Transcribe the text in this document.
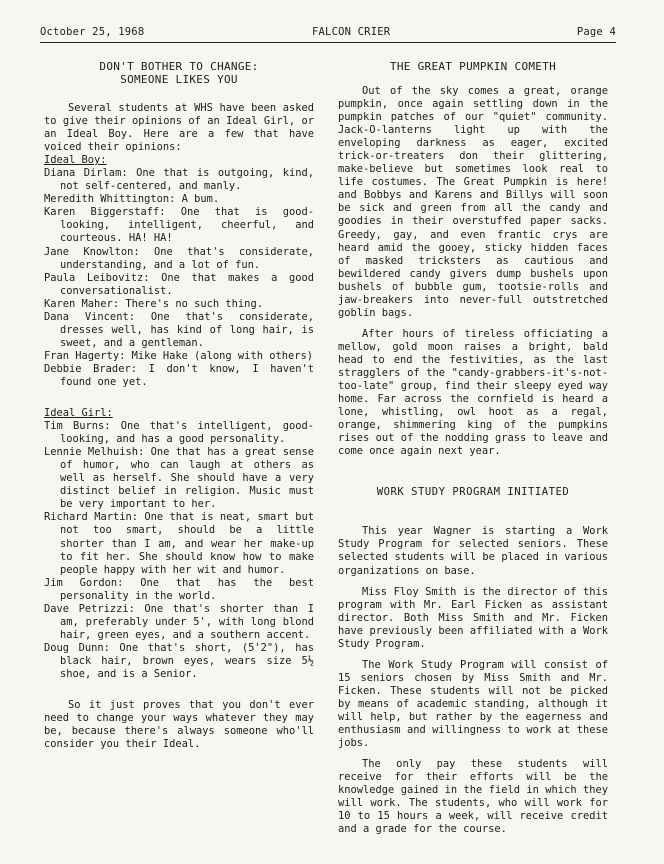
October 25, 1968	FALCON CRIER	Page 4
DON'T BOTHER TO CHANGE:
SOMEONE LIKES YOU

Several students at WHS have been asked to give their opinions of an Ideal Girl, or an Ideal Boy. Here are a few that have voiced their opinions:

Ideal Boy:

Diana Dirlam: One that is outgoing, kind, not self-centered, and manly.

Meredith Whittington: A bum.

Karen Biggerstaff: One that is good-looking, intelligent, cheerful, and courteous. HA! HA!

Jane Knowlton: One that's considerate, understanding, and a lot of fun.

Paula Leibovitz: One that makes a good conversationalist.

Karen Maher: There's no such thing.

Dana Vincent: One that's considerate, dresses well, has kind of long hair, is sweet, and a gentleman.

Fran Hagerty: Mike Hake (along with others)

Debbie Brader: I don't know, I haven't found one yet.

Ideal Girl:

Tim Burns: One that's intelligent, good-looking, and has a good personality.

Lennie Melhuish: One that has a great sense of humor, who can laugh at others as well as herself. She should have a very distinct belief in religion. Music must be very important to her.

Richard Martin: One that is neat, smart but not too smart, should be a little shorter than I am, and wear her make-up to fit her. She should know how to make people happy with her wit and humor.

Jim Gordon: One that has the best personality in the world.

Dave Petrizzi: One that's shorter than I am, preferably under 5', with long blond hair, green eyes, and a southern accent.

Doug Dunn: One that's short, (5'2"), has black hair, brown eyes, wears size 5½ shoe, and is a Senior.

So it just proves that you don't ever need to change your ways whatever they may be, because there's always someone who'll consider you their Ideal.

THE GREAT PUMPKIN COMETH

Out of the sky comes a great, orange pumpkin, once again settling down in the pumpkin patches of our "quiet" community. Jack-O-lanterns light up with the enveloping darkness as eager, excited trick-or-treaters don their glittering, make-believe but sometimes look real to life costumes. The Great Pumpkin is here! and Bobbys and Karens and Billys will soon be sick and green from all the candy and goodies in their overstuffed paper sacks. Greedy, gay, and even frantic crys are heard amid the gooey, sticky hidden faces of masked tricksters as cautious and bewildered candy givers dump bushels upon bushels of bubble gum, tootsie-rolls and jaw-breakers into never-full outstretched goblin bags.

After hours of tireless officiating a mellow, gold moon raises a bright, bald head to end the festivities, as the last stragglers of the "candy-grabbers-it's-not-too-late" group, find their sleepy eyed way home. Far across the cornfield is heard a lone, whistling, owl hoot as a regal, orange, shimmering king of the pumpkins rises out of the nodding grass to leave and come once again next year.

WORK STUDY PROGRAM INITIATED

This year Wagner is starting a Work Study Program for selected seniors. These selected students will be placed in various organizations on base.

Miss Floy Smith is the director of this program with Mr. Earl Ficken as assistant director. Both Miss Smith and Mr. Ficken have previously been affiliated with a Work Study Program.

The Work Study Program will consist of 15 seniors chosen by Miss Smith and Mr. Ficken. These students will not be picked by means of academic standing, although it will help, but rather by the eagerness and enthusiasm and willingness to work at these jobs.

The only pay these students will receive for their efforts will be the knowledge gained in the field in which they will work. The students, who will work for 10 to 15 hours a week, will receive credit and a grade for the course.
